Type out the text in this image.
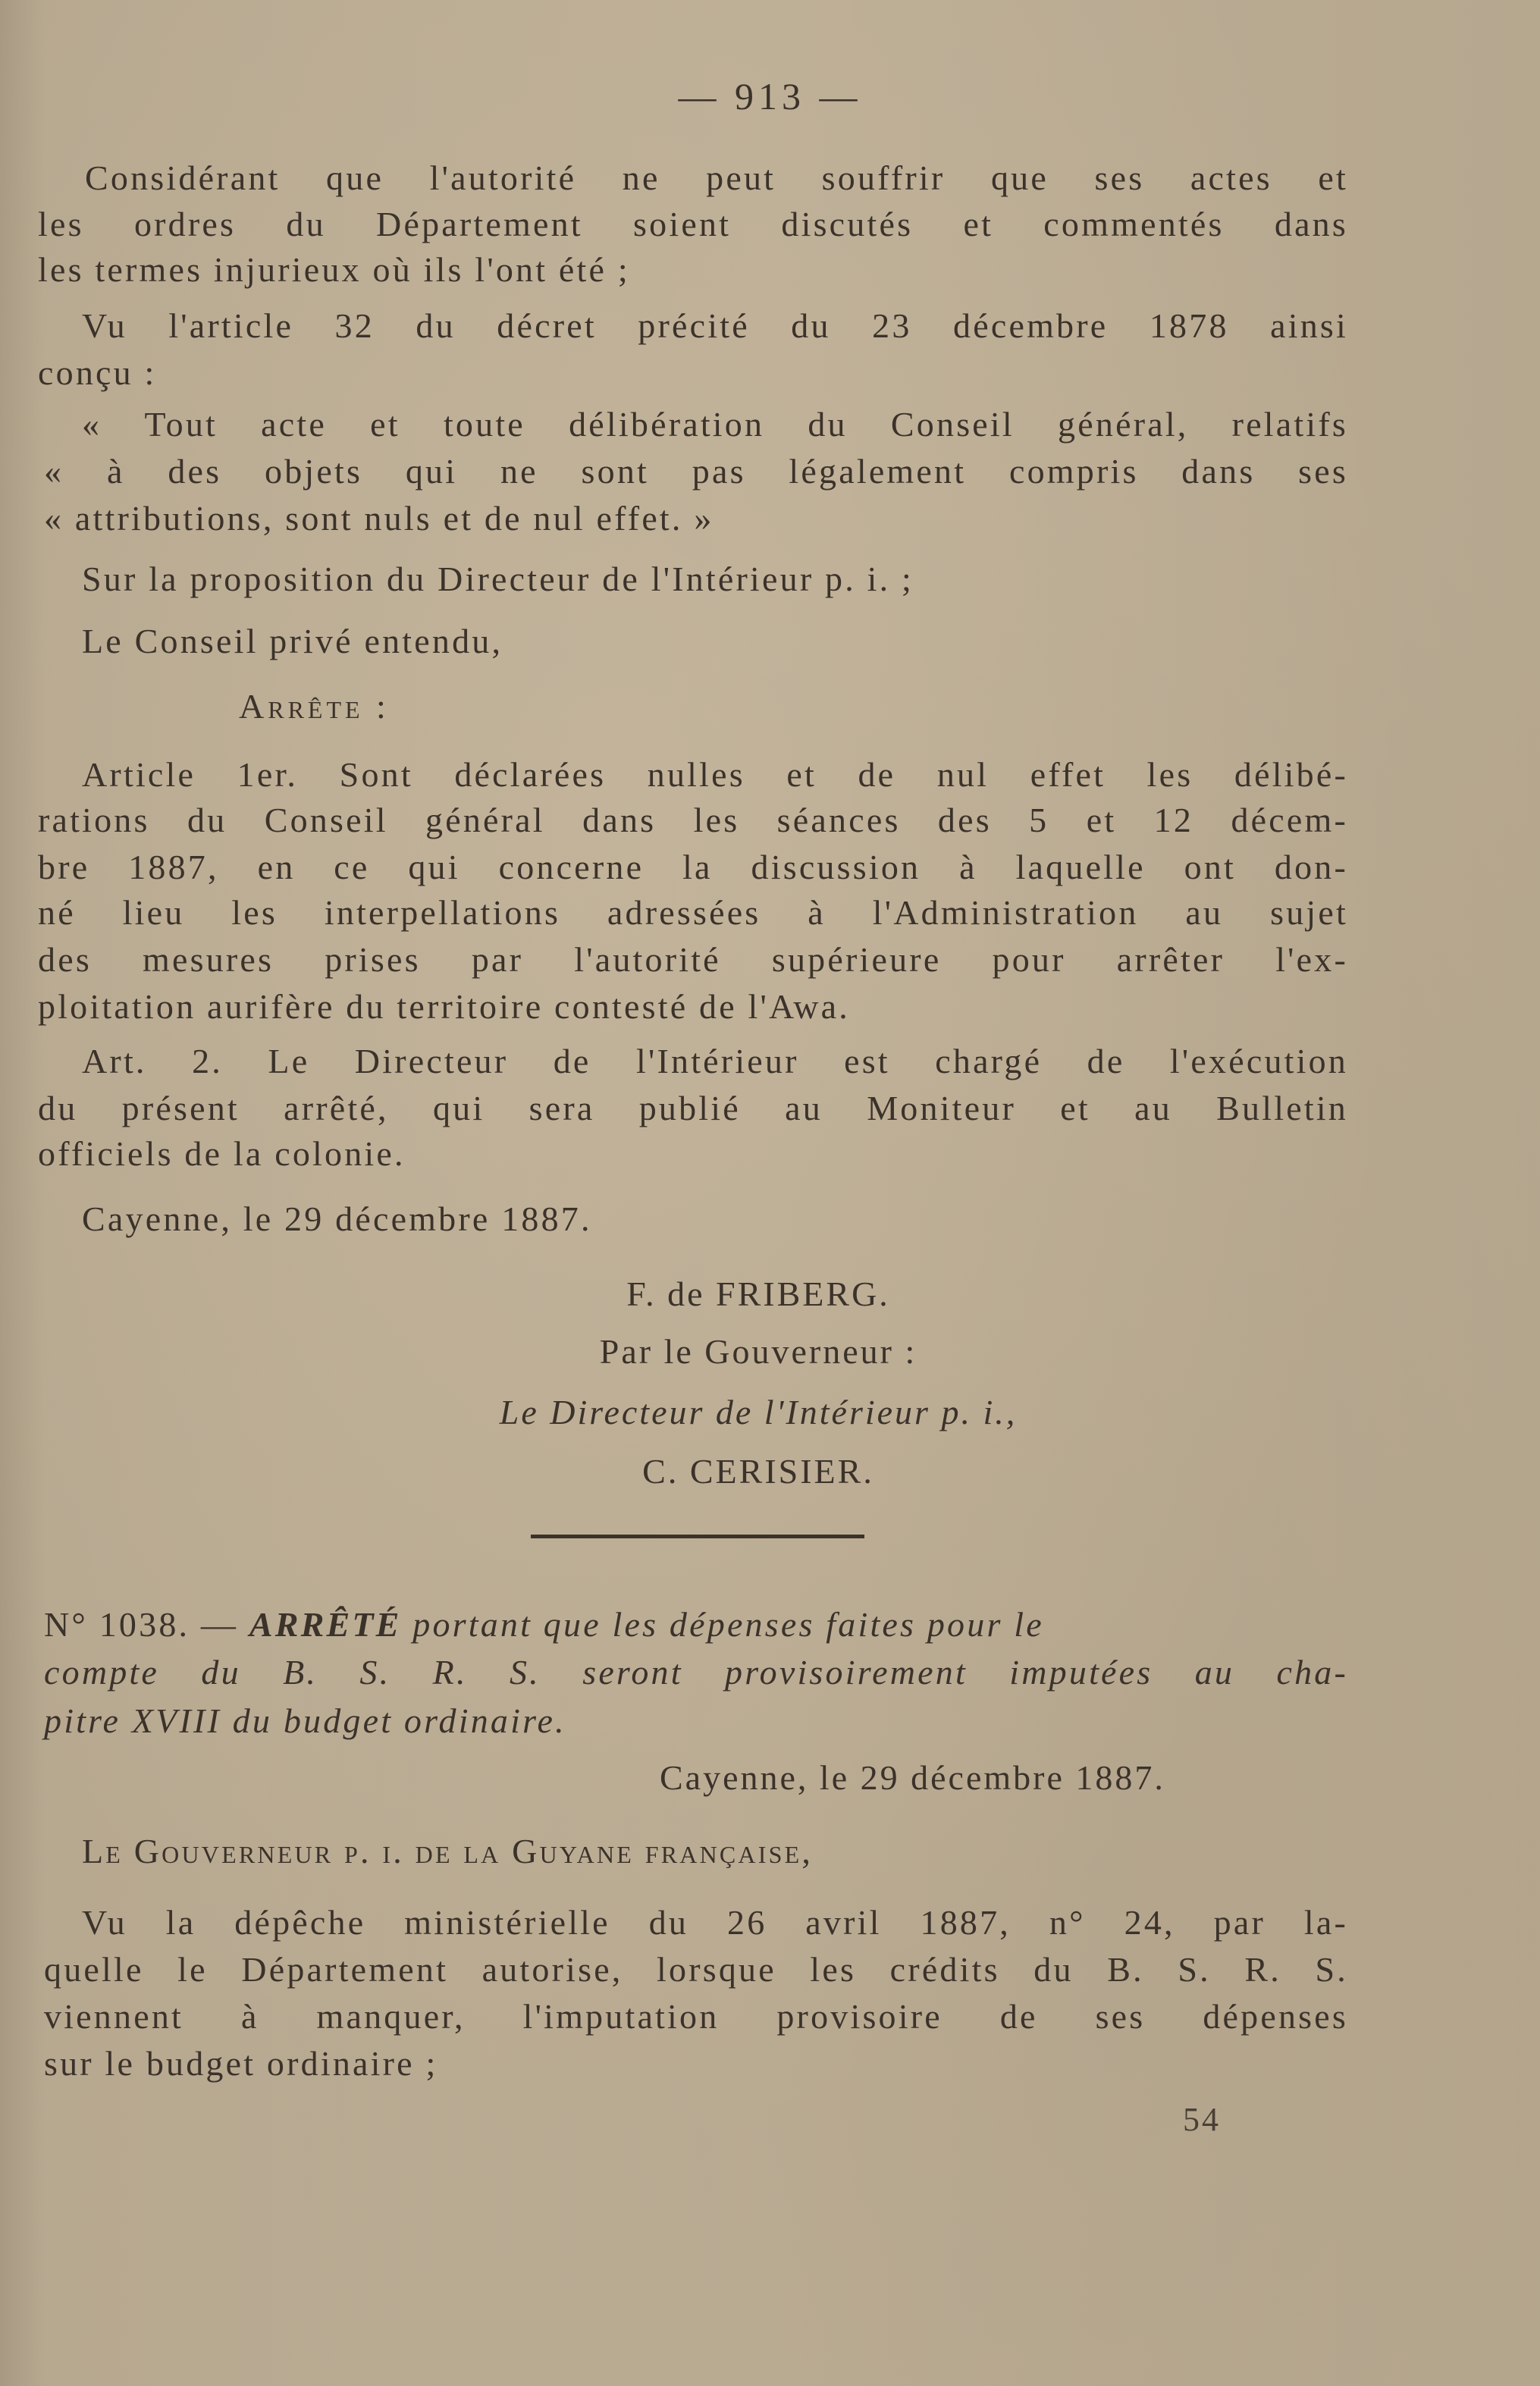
— 913 —
Considérant que l'autorité ne peut souffrir que ses actes et
les ordres du Département soient discutés et commentés dans
les termes injurieux où ils l'ont été ;
Vu l'article 32 du décret précité du 23 décembre 1878 ainsi
conçu :
« Tout acte et toute délibération du Conseil général, relatifs
« à des objets qui ne sont pas légalement compris dans ses
« attributions, sont nuls et de nul effet. »
Sur la proposition du Directeur de l'Intérieur p. i. ;
Le Conseil privé entendu,
Arrête :
Article 1er. Sont déclarées nulles et de nul effet les délibé-
rations du Conseil général dans les séances des 5 et 12 décem-
bre 1887, en ce qui concerne la discussion à laquelle ont don-
né lieu les interpellations adressées à l'Administration au sujet
des mesures prises par l'autorité supérieure pour arrêter l'ex-
ploitation aurifère du territoire contesté de l'Awa.
Art. 2. Le Directeur de l'Intérieur est chargé de l'exécution
du présent arrêté, qui sera publié au Moniteur et au Bulletin
officiels de la colonie.
Cayenne, le 29 décembre 1887.
F. de FRIBERG.
Par le Gouverneur :
Le Directeur de l'Intérieur p. i.,
C. CERISIER.
N° 1038. — ARRÊTÉ portant que les dépenses faites pour le
compte du B. S. R. S. seront provisoirement imputées au cha-
pitre XVIII du budget ordinaire.
Cayenne, le 29 décembre 1887.
Le Gouverneur p. i. de la Guyane française,
Vu la dépêche ministérielle du 26 avril 1887, n° 24, par la-
quelle le Département autorise, lorsque les crédits du B. S. R. S.
viennent à manquer, l'imputation provisoire de ses dépenses
sur le budget ordinaire ;
54
